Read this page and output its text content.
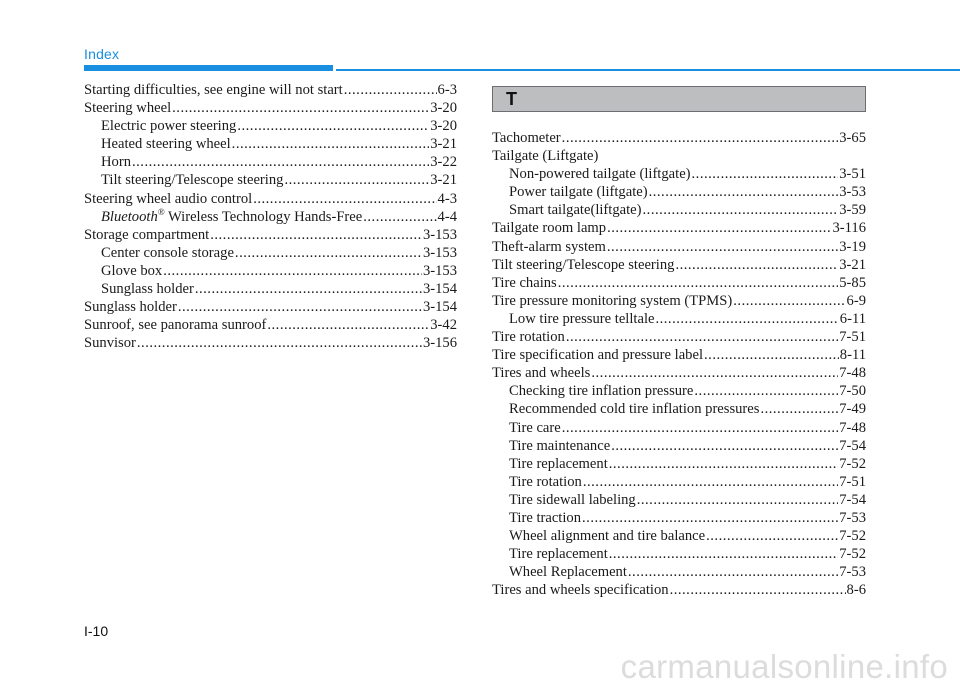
Index
Starting difficulties, see engine will not start .....	6-3
Steering wheel .....	3-20
Electric power steering .....	3-20
Heated steering wheel .....	3-21
Horn .....	3-22
Tilt steering/Telescope steering .....	3-21
Steering wheel audio control .....	4-3
Bluetooth® Wireless Technology Hands-Free .....	4-4
Storage compartment .....	3-153
Center console storage .....	3-153
Glove box .....	3-153
Sunglass holder .....	3-154
Sunglass holder .....	3-154
Sunroof, see panorama sunroof .....	3-42
Sunvisor .....	3-156
T
Tachometer .....	3-65
Tailgate (Liftgate)
Non-powered tailgate (liftgate) .....	3-51
Power tailgate (liftgate) .....	3-53
Smart tailgate(liftgate) .....	3-59
Tailgate room lamp .....	3-116
Theft-alarm system .....	3-19
Tilt steering/Telescope steering .....	3-21
Tire chains .....	5-85
Tire pressure monitoring system (TPMS) .....	6-9
Low tire pressure telltale .....	6-11
Tire rotation .....	7-51
Tire specification and pressure label .....	8-11
Tires and wheels .....	7-48
Checking tire inflation pressure .....	7-50
Recommended cold tire inflation pressures .....	7-49
Tire care .....	7-48
Tire maintenance .....	7-54
Tire replacement .....	7-52
Tire rotation .....	7-51
Tire sidewall labeling .....	7-54
Tire traction .....	7-53
Wheel alignment and tire balance .....	7-52
Tire replacement .....	7-52
Wheel Replacement .....	7-53
Tires and wheels specification .....	8-6
I-10
carmanualsonline.info
